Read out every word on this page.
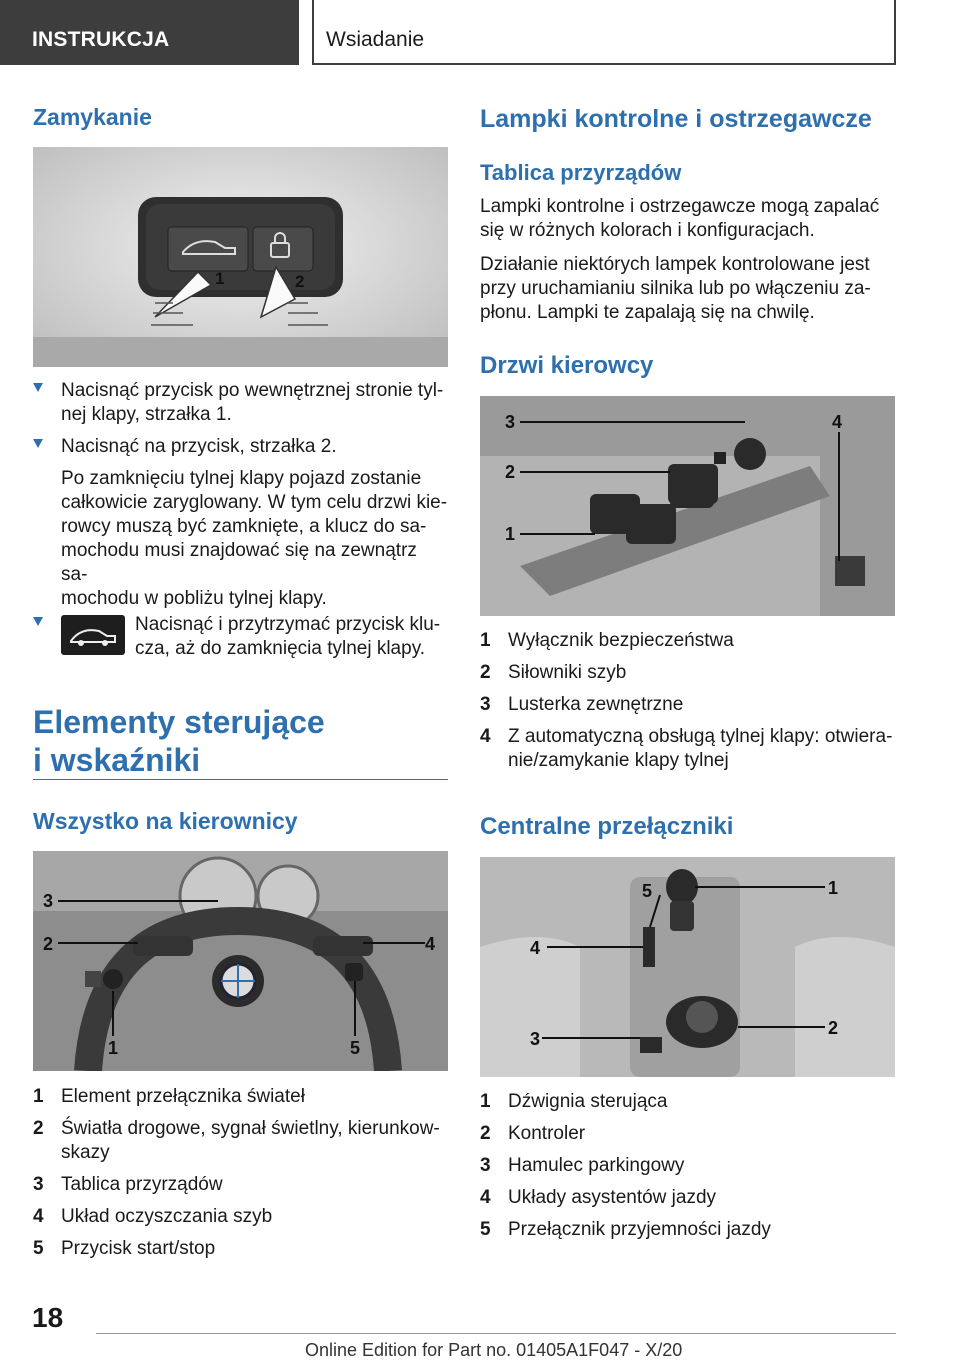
INSTRUKCJA	Wsiadanie
Zamykanie
1	2
Nacisnąć przycisk po wewnętrznej stronie tyl-
nej klapy, strzałka 1.
Nacisnąć na przycisk, strzałka 2.
Po zamknięciu tylnej klapy pojazd zostanie
całkowicie zaryglowany. W tym celu drzwi kie-
rowcy muszą być zamknięte, a klucz do sa-
mochodu musi znajdować się na zewnątrz sa-
mochodu w pobliżu tylnej klapy.
Nacisnąć i przytrzymać przycisk klu-
cza, aż do zamknięcia tylnej klapy.
Elementy sterujące
i wskaźniki
Wszystko na kierownicy
1
2
3
4
5
1 Element przełącznika świateł
2 Światła drogowe, sygnał świetlny, kierunkow-
skazy
3 Tablica przyrządów
4 Układ oczyszczania szyb
5 Przycisk start/stop
Lampki kontrolne i ostrzegawcze
Tablica przyrządów
Lampki kontrolne i ostrzegawcze mogą zapalać
się w różnych kolorach i konfiguracjach.
Działanie niektórych lampek kontrolowane jest
przy uruchamianiu silnika lub po włączeniu za-
płonu. Lampki te zapalają się na chwilę.
Drzwi kierowcy
1
2
3	4
1 Wyłącznik bezpieczeństwa
2 Siłowniki szyb
3 Lusterka zewnętrzne
4 Z automatyczną obsługą tylnej klapy: otwiera-
nie/zamykanie klapy tylnej
Centralne przełączniki
1
2
3
4
5
1 Dźwignia sterująca
2 Kontroler
3 Hamulec parkingowy
4 Układy asystentów jazdy
5 Przełącznik przyjemności jazdy
18
Online Edition for Part no. 01405A1F047 - X/20
